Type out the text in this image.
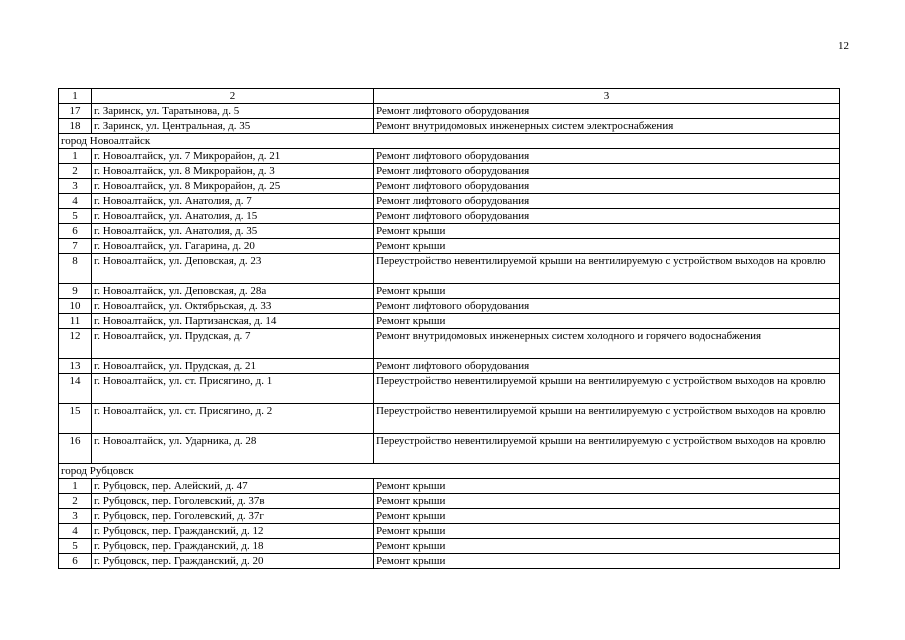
12
1	2	3
17	г. Заринск, ул. Таратынова, д. 5	Ремонт лифтового оборудования
18	г. Заринск, ул. Центральная, д. 35	Ремонт внутридомовых инженерных систем электроснабжения
город Новоалтайск		
1	г. Новоалтайск, ул. 7 Микрорайон, д. 21	Ремонт лифтового оборудования
2	г. Новоалтайск, ул. 8 Микрорайон, д. 3	Ремонт лифтового оборудования
3	г. Новоалтайск, ул. 8 Микрорайон, д. 25	Ремонт лифтового оборудования
4	г. Новоалтайск, ул. Анатолия, д. 7	Ремонт лифтового оборудования
5	г. Новоалтайск, ул. Анатолия, д. 15	Ремонт лифтового оборудования
6	г. Новоалтайск, ул. Анатолия, д. 35	Ремонт крыши
7	г. Новоалтайск, ул. Гагарина, д. 20	Ремонт крыши
8	г. Новоалтайск, ул. Деповская, д. 23	Переустройство невентилируемой крыши на вентилируемую с устройством выходов на кровлю
9	г. Новоалтайск, ул. Деповская, д. 28а	Ремонт крыши
10	г. Новоалтайск, ул. Октябрьская, д. 33	Ремонт лифтового оборудования
11	г. Новоалтайск, ул. Партизанская, д. 14	Ремонт крыши
12	г. Новоалтайск, ул. Прудская, д. 7	Ремонт внутридомовых инженерных систем холодного и горячего водоснабжения
13	г. Новоалтайск, ул. Прудская, д. 21	Ремонт лифтового оборудования
14	г. Новоалтайск, ул. ст. Присягино, д. 1	Переустройство невентилируемой крыши на вентилируемую с устройством выходов на кровлю
15	г. Новоалтайск, ул. ст. Присягино, д. 2	Переустройство невентилируемой крыши на вентилируемую с устройством выходов на кровлю
16	г. Новоалтайск, ул. Ударника, д. 28	Переустройство невентилируемой крыши на вентилируемую с устройством выходов на кровлю
город Рубцовск		
1	г. Рубцовск, пер. Алейский, д. 47	Ремонт крыши
2	г. Рубцовск, пер. Гоголевский, д. 37в	Ремонт крыши
3	г. Рубцовск, пер. Гоголевский, д. 37г	Ремонт крыши
4	г. Рубцовск, пер. Гражданский, д. 12	Ремонт крыши
5	г. Рубцовск, пер. Гражданский, д. 18	Ремонт крыши
6	г. Рубцовск, пер. Гражданский, д. 20	Ремонт крыши
